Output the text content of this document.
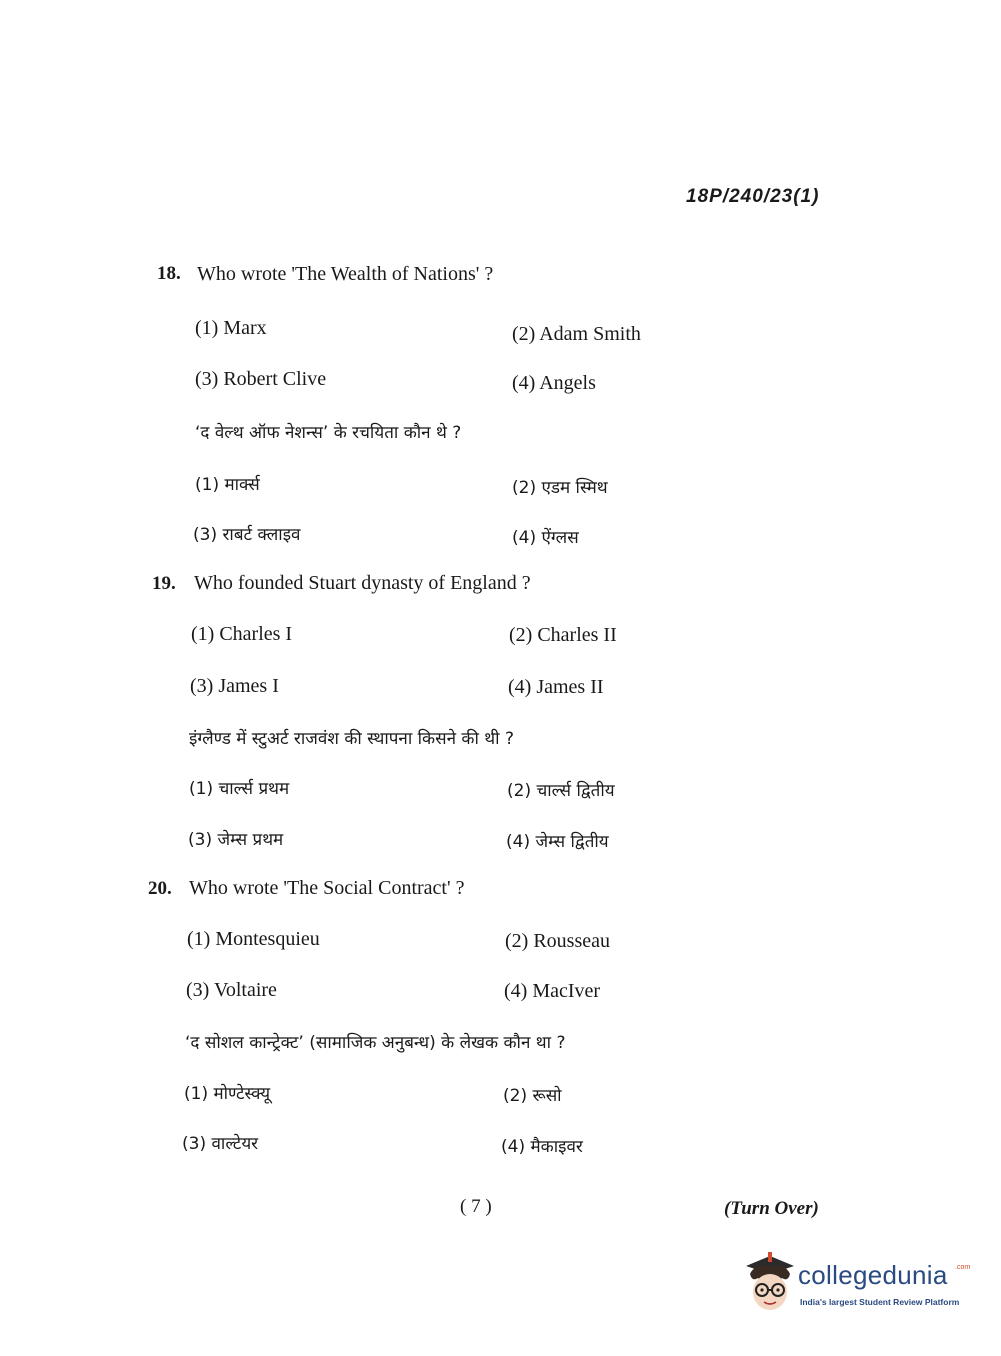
18P/240/23(1)
18. Who wrote 'The Wealth of Nations' ?
(1) Marx	(2) Adam Smith
(3) Robert Clive	(4) Angels
‘द वेल्थ ऑफ नेशन्स’ के रचयिता कौन थे ?
(1) मार्क्स	(2) एडम स्मिथ
(3) राबर्ट क्लाइव	(4) ऐंग्लस
19. Who founded Stuart dynasty of England ?
(1) Charles I	(2) Charles II
(3) James I	(4) James II
इंग्लैण्ड में स्टुअर्ट राजवंश की स्थापना किसने की थी ?
(1) चार्ल्स प्रथम	(2) चार्ल्स द्वितीय
(3) जेम्स प्रथम	(4) जेम्स द्वितीय
20. Who wrote 'The Social Contract' ?
(1) Montesquieu	(2) Rousseau
(3) Voltaire	(4) MacIver
‘द सोशल कान्ट्रेक्ट’ (सामाजिक अनुबन्ध) के लेखक कौन था ?
(1) मोण्टेस्क्यू	(2) रूसो
(3) वाल्टेयर	(4) मैकाइवर
( 7 )	(Turn Over)
collegedunia .com
India's largest Student Review Platform
